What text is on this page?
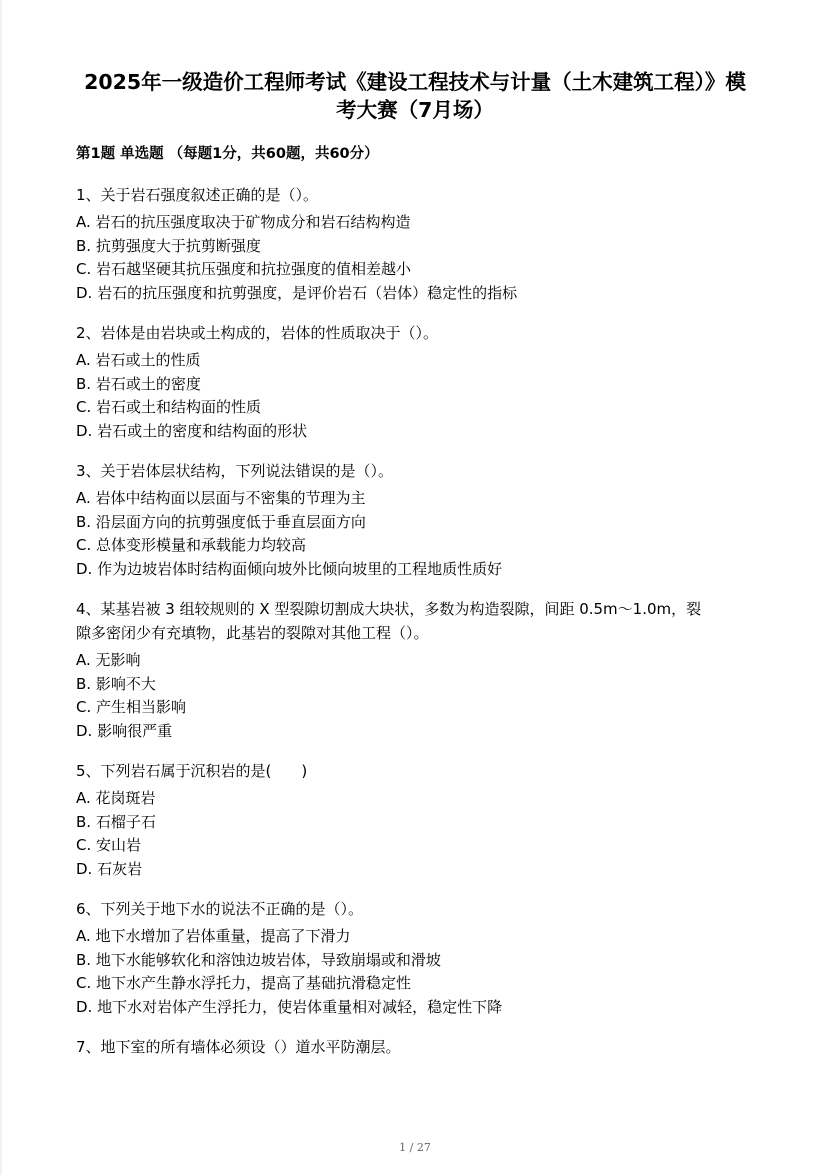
2025年一级造价工程师考试《建设工程技术与计量（土木建筑工程）》模考大赛（7月场）
第1题 单选题 （每题1分，共60题，共60分）
1、关于岩石强度叙述正确的是（）。
A. 岩石的抗压强度取决于矿物成分和岩石结构构造
B. 抗剪强度大于抗剪断强度
C. 岩石越坚硬其抗压强度和抗拉强度的值相差越小
D. 岩石的抗压强度和抗剪强度，是评价岩石（岩体）稳定性的指标
2、岩体是由岩块或土构成的，岩体的性质取决于（）。
A. 岩石或土的性质
B. 岩石或土的密度
C. 岩石或土和结构面的性质
D. 岩石或土的密度和结构面的形状
3、关于岩体层状结构，下列说法错误的是（）。
A. 岩体中结构面以层面与不密集的节理为主
B. 沿层面方向的抗剪强度低于垂直层面方向
C. 总体变形模量和承载能力均较高
D. 作为边坡岩体时结构面倾向坡外比倾向坡里的工程地质性质好
4、某基岩被 3 组较规则的 X 型裂隙切割成大块状，多数为构造裂隙，间距 0.5m～1.0m，裂隙多密闭少有充填物，此基岩的裂隙对其他工程（）。
A. 无影响
B. 影响不大
C. 产生相当影响
D. 影响很严重
5、下列岩石属于沉积岩的是(　　)
A. 花岗斑岩
B. 石榴子石
C. 安山岩
D. 石灰岩
6、下列关于地下水的说法不正确的是（）。
A. 地下水增加了岩体重量，提高了下滑力
B. 地下水能够软化和溶蚀边坡岩体，导致崩塌或和滑坡
C. 地下水产生静水浮托力，提高了基础抗滑稳定性
D. 地下水对岩体产生浮托力，使岩体重量相对减轻，稳定性下降
7、地下室的所有墙体必须设（）道水平防潮层。
1 / 27
